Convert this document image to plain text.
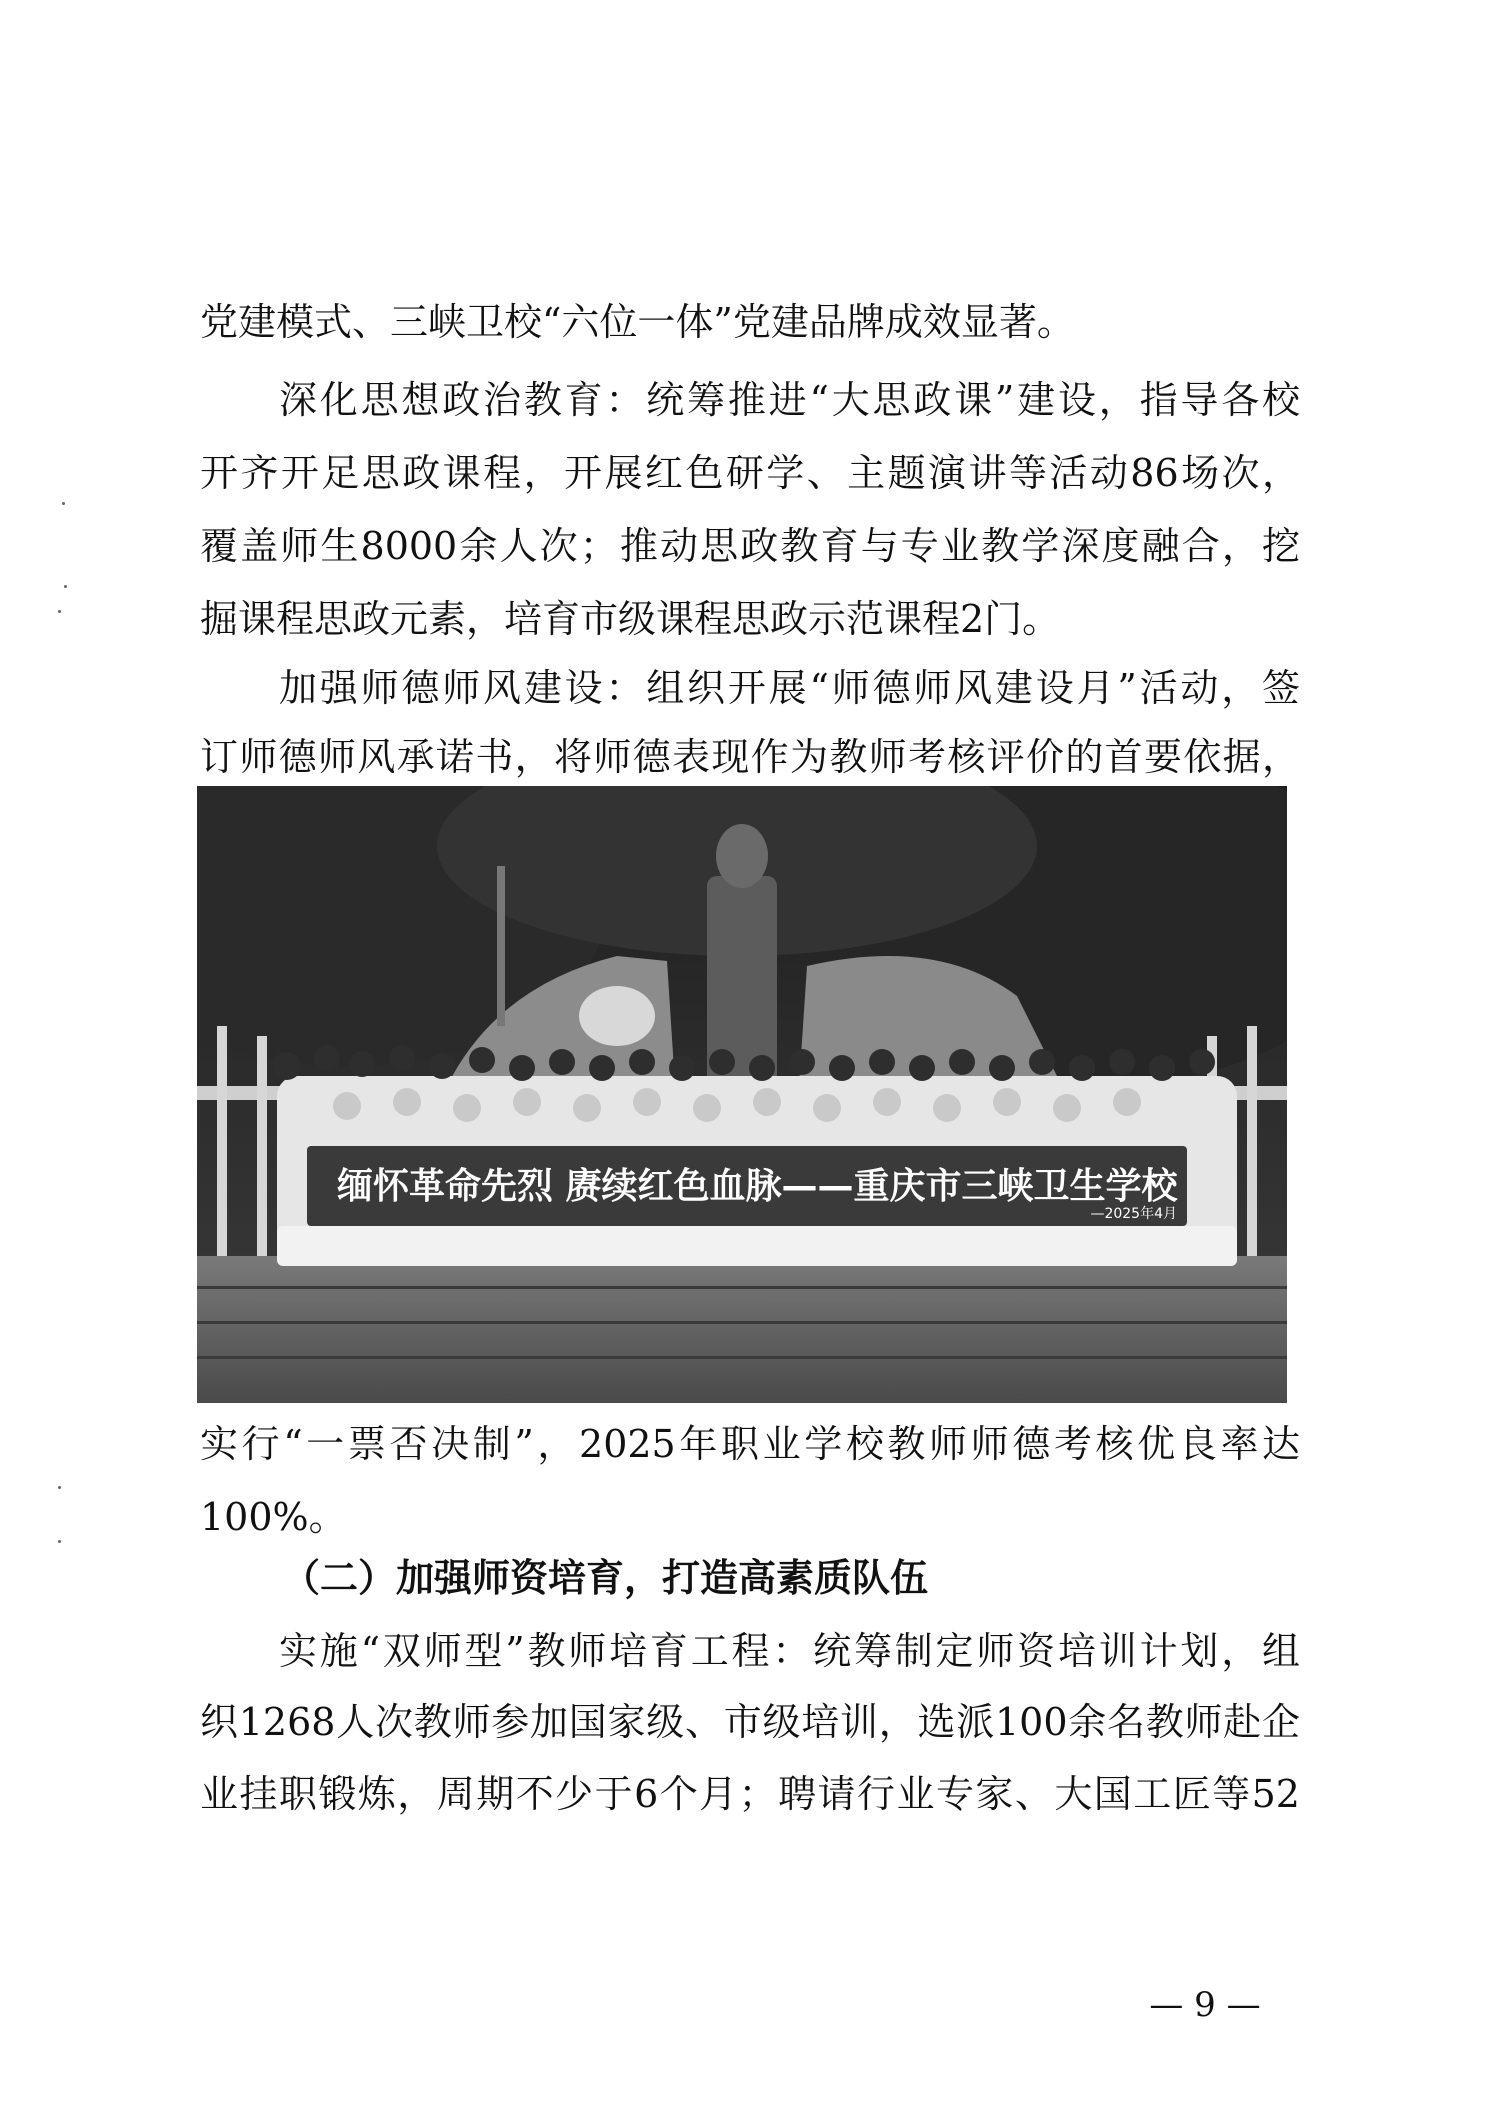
党建模式、三峡卫校“六位一体”党建品牌成效显著。
深化思想政治教育：统筹推进“大思政课”建设，指导各校
开齐开足思政课程，开展红色研学、主题演讲等活动86场次，
覆盖师生8000余人次；推动思政教育与专业教学深度融合，挖
掘课程思政元素，培育市级课程思政示范课程2门。
加强师德师风建设：组织开展“师德师风建设月”活动，签
订师德师风承诺书，将师德表现作为教师考核评价的首要依据，
缅怀革命先烈 赓续红色血脉——重庆市三峡卫生学校
—2025年4月
实行“一票否决制”，2025年职业学校教师师德考核优良率达
100%。
（二）加强师资培育，打造高素质队伍
实施“双师型”教师培育工程：统筹制定师资培训计划，组
织1268人次教师参加国家级、市级培训，选派100余名教师赴企
业挂职锻炼，周期不少于6个月；聘请行业专家、大国工匠等52
— 9 —
